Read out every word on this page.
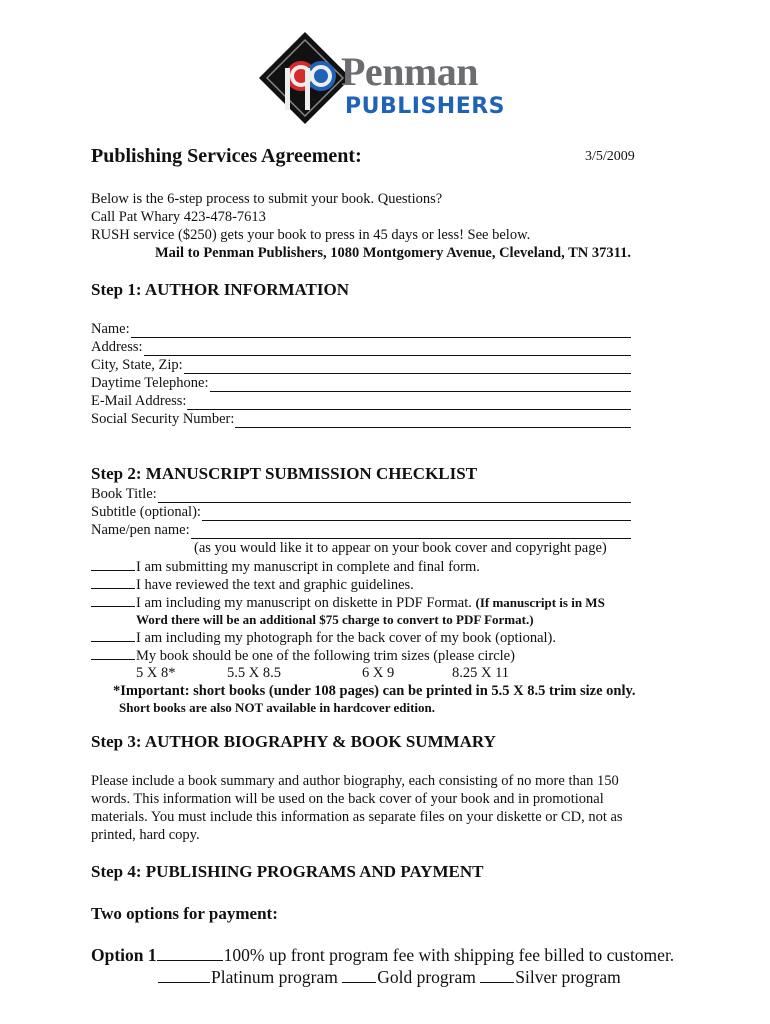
Penman
PUBLISHERS
Publishing Services Agreement:	3/5/2009
Below is the 6-step process to submit your book. Questions?
Call Pat Whary 423-478-7613
RUSH service ($250) gets your book to press in 45 days or less! See below.
Mail to Penman Publishers, 1080 Montgomery Avenue, Cleveland, TN 37311.
Step 1: AUTHOR INFORMATION
Name:
Address:
City, State, Zip:
Daytime Telephone:
E-Mail Address:
Social Security Number:
Step 2: MANUSCRIPT SUBMISSION CHECKLIST
Book Title:
Subtitle (optional):
Name/pen name:
(as you would like it to appear on your book cover and copyright page)
I am submitting my manuscript in complete and final form.
I have reviewed the text and graphic guidelines.
I am including my manuscript on diskette in PDF Format. (If manuscript is in MS
Word there will be an additional $75 charge to convert to PDF Format.)
I am including my photograph for the back cover of my book (optional).
My book should be one of the following trim sizes (please circle)
5 X 8*	5.5 X 8.5	6 X 9	8.25 X 11
*Important: short books (under 108 pages) can be printed in 5.5 X 8.5 trim size only.
Short books are also NOT available in hardcover edition.
Step 3: AUTHOR BIOGRAPHY & BOOK SUMMARY
Please include a book summary and author biography, each consisting of no more than 150
words. This information will be used on the back cover of your book and in promotional
materials. You must include this information as separate files on your diskette or CD, not as
printed, hard copy.
Step 4: PUBLISHING PROGRAMS AND PAYMENT
Two options for payment:
Option 1	100% up front program fee with shipping fee billed to customer.
Platinum program Gold program Silver program
